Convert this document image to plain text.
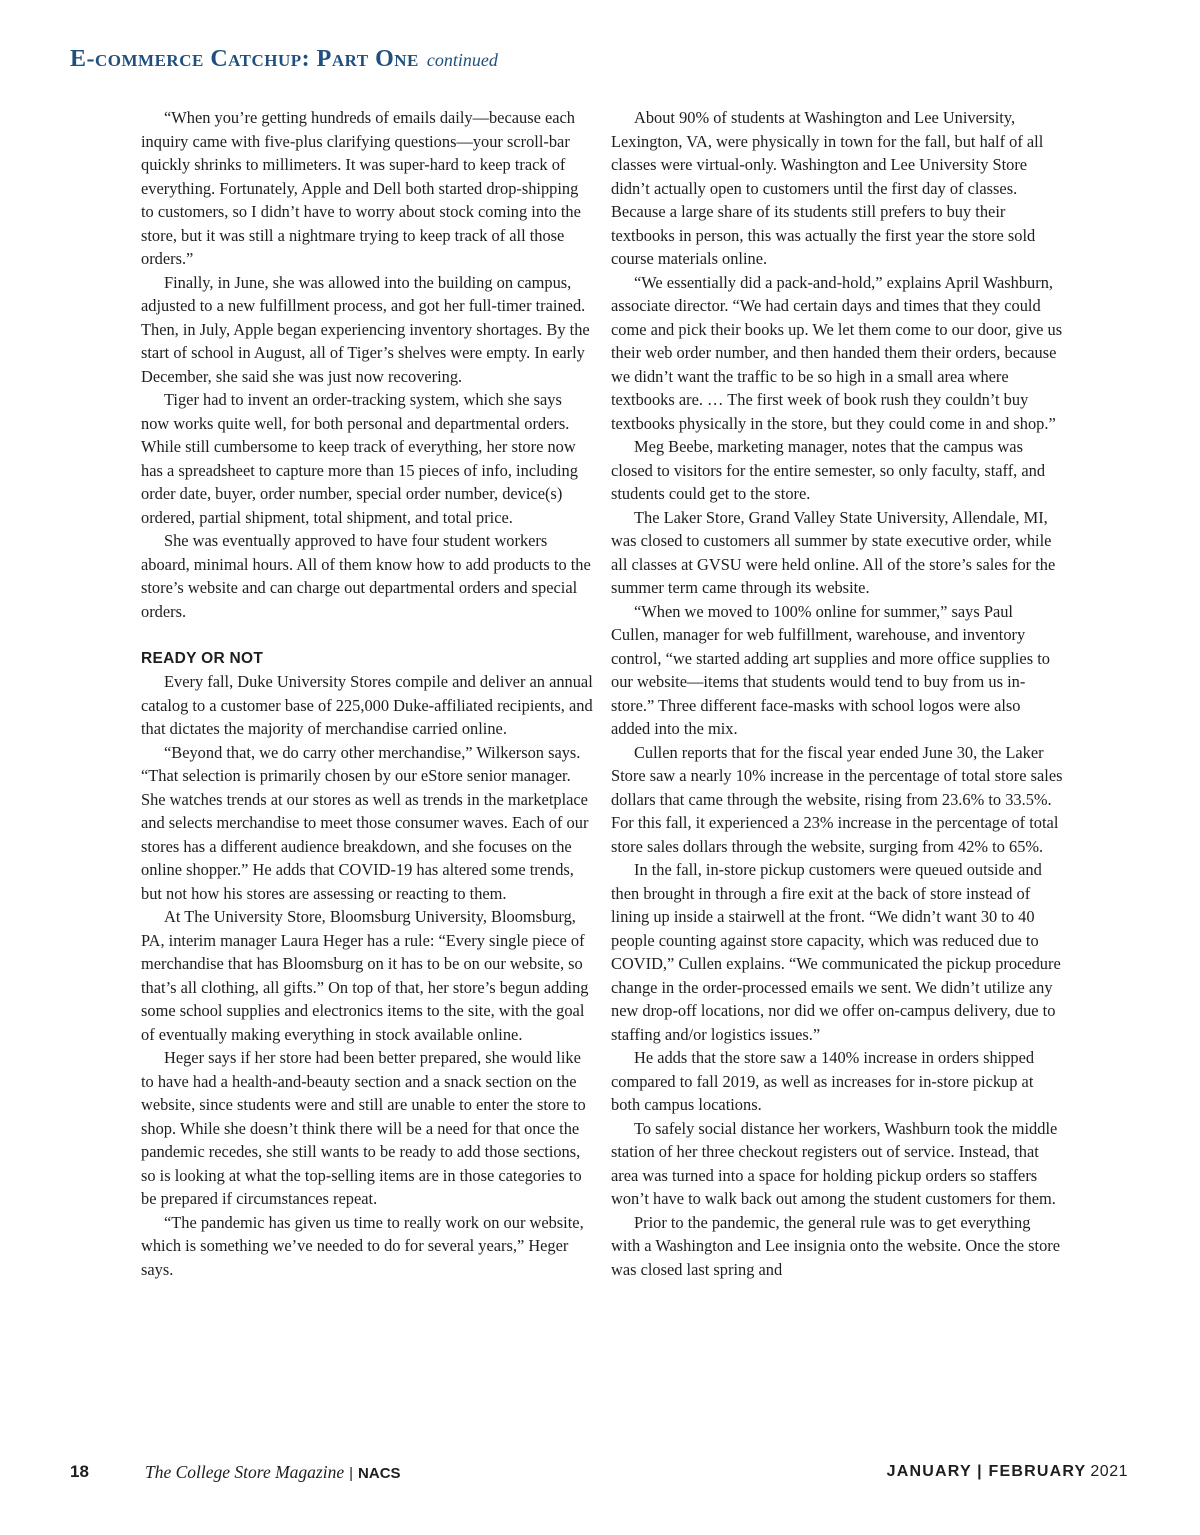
E-commerce Catchup: Part One continued

“When you’re getting hundreds of emails daily—because each inquiry came with five-plus clarifying questions—your scroll-bar quickly shrinks to millimeters. It was super-hard to keep track of everything. Fortunately, Apple and Dell both started drop-shipping to customers, so I didn’t have to worry about stock coming into the store, but it was still a nightmare trying to keep track of all those orders.”

Finally, in June, she was allowed into the building on campus, adjusted to a new fulfillment process, and got her full-timer trained. Then, in July, Apple began experiencing inventory shortages. By the start of school in August, all of Tiger’s shelves were empty. In early December, she said she was just now recovering.

Tiger had to invent an order-tracking system, which she says now works quite well, for both personal and departmental orders. While still cumbersome to keep track of everything, her store now has a spreadsheet to capture more than 15 pieces of info, including order date, buyer, order number, special order number, device(s) ordered, partial shipment, total shipment, and total price.

She was eventually approved to have four student workers aboard, minimal hours. All of them know how to add products to the store’s website and can charge out departmental orders and special orders.

READY OR NOT

Every fall, Duke University Stores compile and deliver an annual catalog to a customer base of 225,000 Duke-affiliated recipients, and that dictates the majority of merchandise carried online.

“Beyond that, we do carry other merchandise,” Wilkerson says. “That selection is primarily chosen by our eStore senior manager. She watches trends at our stores as well as trends in the marketplace and selects merchandise to meet those consumer waves. Each of our stores has a different audience breakdown, and she focuses on the online shopper.” He adds that COVID-19 has altered some trends, but not how his stores are assessing or reacting to them.

At The University Store, Bloomsburg University, Bloomsburg, PA, interim manager Laura Heger has a rule: “Every single piece of merchandise that has Bloomsburg on it has to be on our website, so that’s all clothing, all gifts.” On top of that, her store’s begun adding some school supplies and electronics items to the site, with the goal of eventually making everything in stock available online.

Heger says if her store had been better prepared, she would like to have had a health-and-beauty section and a snack section on the website, since students were and still are unable to enter the store to shop. While she doesn’t think there will be a need for that once the pandemic recedes, she still wants to be ready to add those sections, so is looking at what the top-selling items are in those categories to be prepared if circumstances repeat.

“The pandemic has given us time to really work on our website, which is something we’ve needed to do for several years,” Heger says.

About 90% of students at Washington and Lee University, Lexington, VA, were physically in town for the fall, but half of all classes were virtual-only. Washington and Lee University Store didn’t actually open to customers until the first day of classes. Because a large share of its students still prefers to buy their textbooks in person, this was actually the first year the store sold course materials online.

“We essentially did a pack-and-hold,” explains April Washburn, associate director. “We had certain days and times that they could come and pick their books up. We let them come to our door, give us their web order number, and then handed them their orders, because we didn’t want the traffic to be so high in a small area where textbooks are. … The first week of book rush they couldn’t buy textbooks physically in the store, but they could come in and shop.”

Meg Beebe, marketing manager, notes that the campus was closed to visitors for the entire semester, so only faculty, staff, and students could get to the store.

The Laker Store, Grand Valley State University, Allendale, MI, was closed to customers all summer by state executive order, while all classes at GVSU were held online. All of the store’s sales for the summer term came through its website.

“When we moved to 100% online for summer,” says Paul Cullen, manager for web fulfillment, warehouse, and inventory control, “we started adding art supplies and more office supplies to our website—items that students would tend to buy from us in-store.” Three different face-masks with school logos were also added into the mix.

Cullen reports that for the fiscal year ended June 30, the Laker Store saw a nearly 10% increase in the percentage of total store sales dollars that came through the website, rising from 23.6% to 33.5%. For this fall, it experienced a 23% increase in the percentage of total store sales dollars through the website, surging from 42% to 65%.

In the fall, in-store pickup customers were queued outside and then brought in through a fire exit at the back of store instead of lining up inside a stairwell at the front. “We didn’t want 30 to 40 people counting against store capacity, which was reduced due to COVID,” Cullen explains. “We communicated the pickup procedure change in the order-processed emails we sent. We didn’t utilize any new drop-off locations, nor did we offer on-campus delivery, due to staffing and/or logistics issues.”

He adds that the store saw a 140% increase in orders shipped compared to fall 2019, as well as increases for in-store pickup at both campus locations.

To safely social distance her workers, Washburn took the middle station of her three checkout registers out of service. Instead, that area was turned into a space for holding pickup orders so staffers won’t have to walk back out among the student customers for them.

Prior to the pandemic, the general rule was to get everything with a Washington and Lee insignia onto the website. Once the store was closed last spring and

18	The College Store Magazine | NACS	JANUARY | FEBRUARY 2021
